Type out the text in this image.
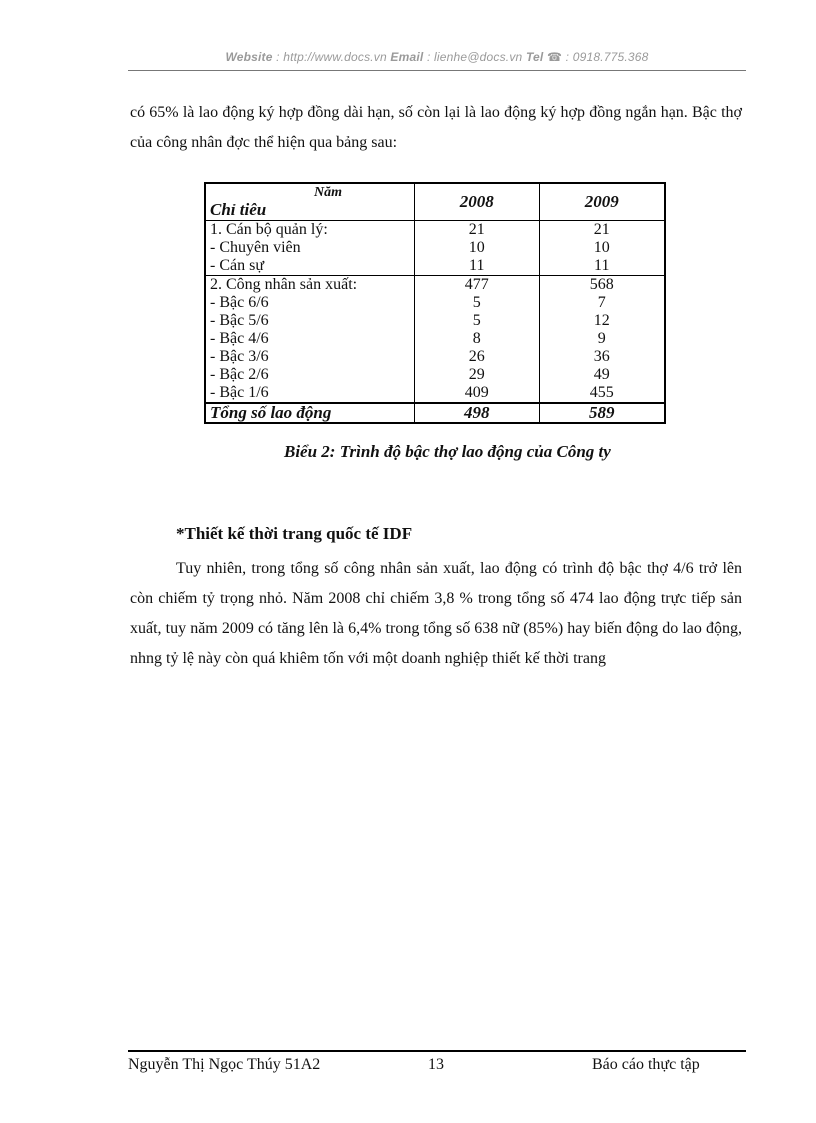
Website : http://www.docs.vn Email : lienhe@docs.vn Tel ☎ : 0918.775.368

có 65% là lao động ký hợp đồng dài hạn, số còn lại là lao động ký hợp đồng ngắn hạn. Bậc thợ của công nhân đợc thể hiện qua bảng sau:

Năm
Chỉ tiêu	2008	2009
1. Cán bộ quản lý:	21	21
- Chuyên viên	10	10
- Cán sự	11	11
2. Công nhân sản xuất:	477	568
- Bậc 6/6	5	7
- Bậc 5/6	5	12
- Bậc 4/6	8	9
- Bậc 3/6	26	36
- Bậc 2/6	29	49
- Bậc 1/6	409	455
Tổng số lao động	498	589
Biểu 2: Trình độ bậc thợ lao động của Công ty
*Thiết kế thời trang quốc tế IDF

Tuy nhiên, trong tổng số công nhân sản xuất, lao động có trình độ bậc thợ 4/6 trở lên còn chiếm tỷ trọng nhỏ. Năm 2008 chỉ chiếm 3,8 % trong tổng số 474 lao động trực tiếp sản xuất, tuy năm 2009 có tăng lên là 6,4% trong tổng số 638 nữ (85%) hay biến động do lao động, nhng tỷ lệ này còn quá khiêm tốn với một doanh nghiệp thiết kế thời trang

Nguyễn Thị Ngọc Thúy 51A2	13	Báo cáo thực tập
